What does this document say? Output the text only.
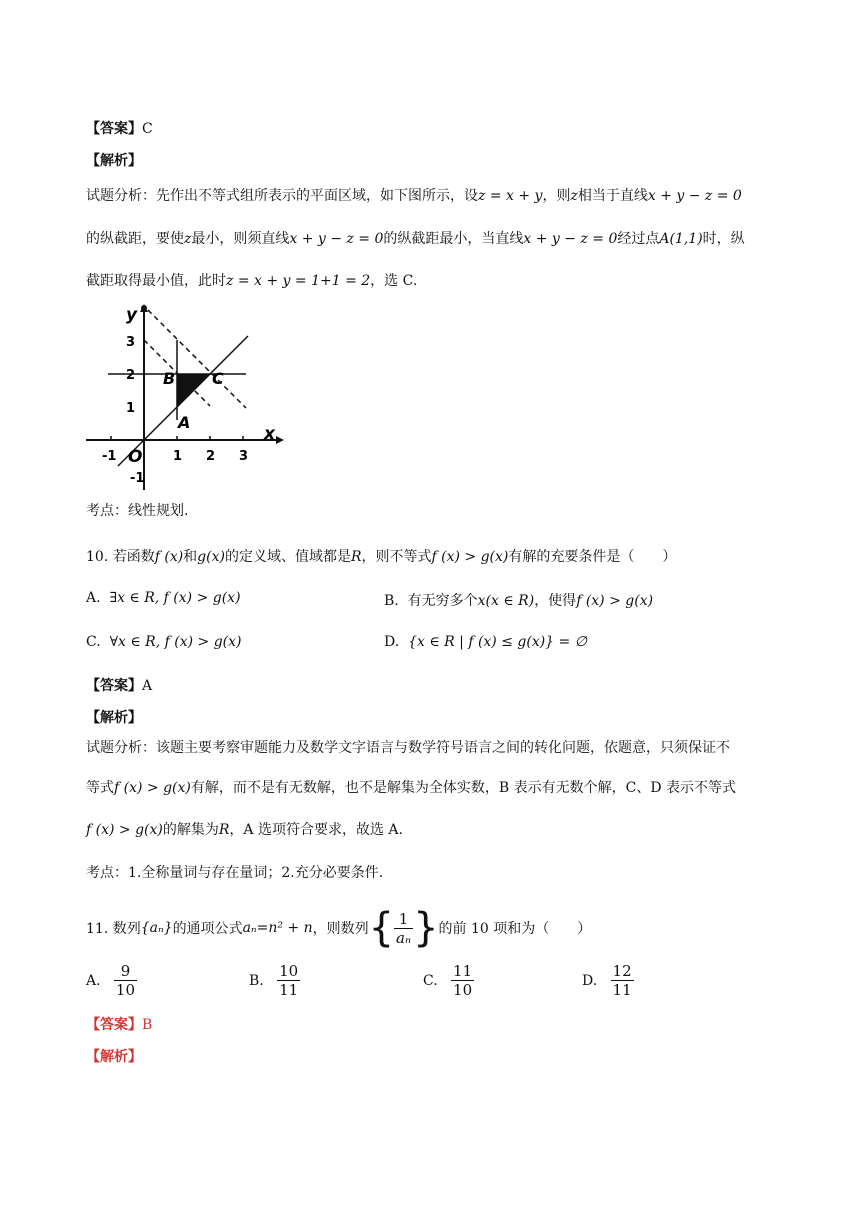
【答案】C
【解析】
试题分析：先作出不等式组所表示的平面区域，如下图所示，设z = x + y，则z相当于直线x + y − z = 0
的纵截距，要使z最小，则须直线x + y − z = 0的纵截距最小，当直线x + y − z = 0经过点A(1,1)时，纵
截距取得最小值，此时z = x + y = 1+1 = 2，选 C.
-1 O 1 2 3
3
2
1
-1
x
y
A
B C
考点：线性规划.
10. 若函数f (x)和g(x)的定义域、值域都是R，则不等式f (x) > g(x)有解的充要条件是（　　）
A. ∃x ∈ R, f (x) > g(x)	B. 有无穷多个x(x ∈ R)，使得f (x) > g(x)
C. ∀x ∈ R, f (x) > g(x)	D. {x ∈ R | f (x) ≤ g(x)} = ∅
【答案】A
【解析】
试题分析：该题主要考察审题能力及数学文字语言与数学符号语言之间的转化问题，依题意，只须保证不
等式f (x) > g(x)有解，而不是有无数解，也不是解集为全体实数，B 表示有无数个解，C、D 表示不等式
f (x) > g(x)的解集为R，A 选项符合要求，故选 A.
考点：1.全称量词与存在量词；2.充分必要条件.
11. 数列 {aₙ} 的通项公式 aₙ=n² + n ，则数列 { $\frac{1}{\text{aₙ}}$ } 的前 10 项和为（　　）
A.
$\frac{9}{10}$	B.
$\frac{10}{11}$	C.
$\frac{11}{10}$	D.
$\frac{12}{11}$
【答案】B
【解析】
